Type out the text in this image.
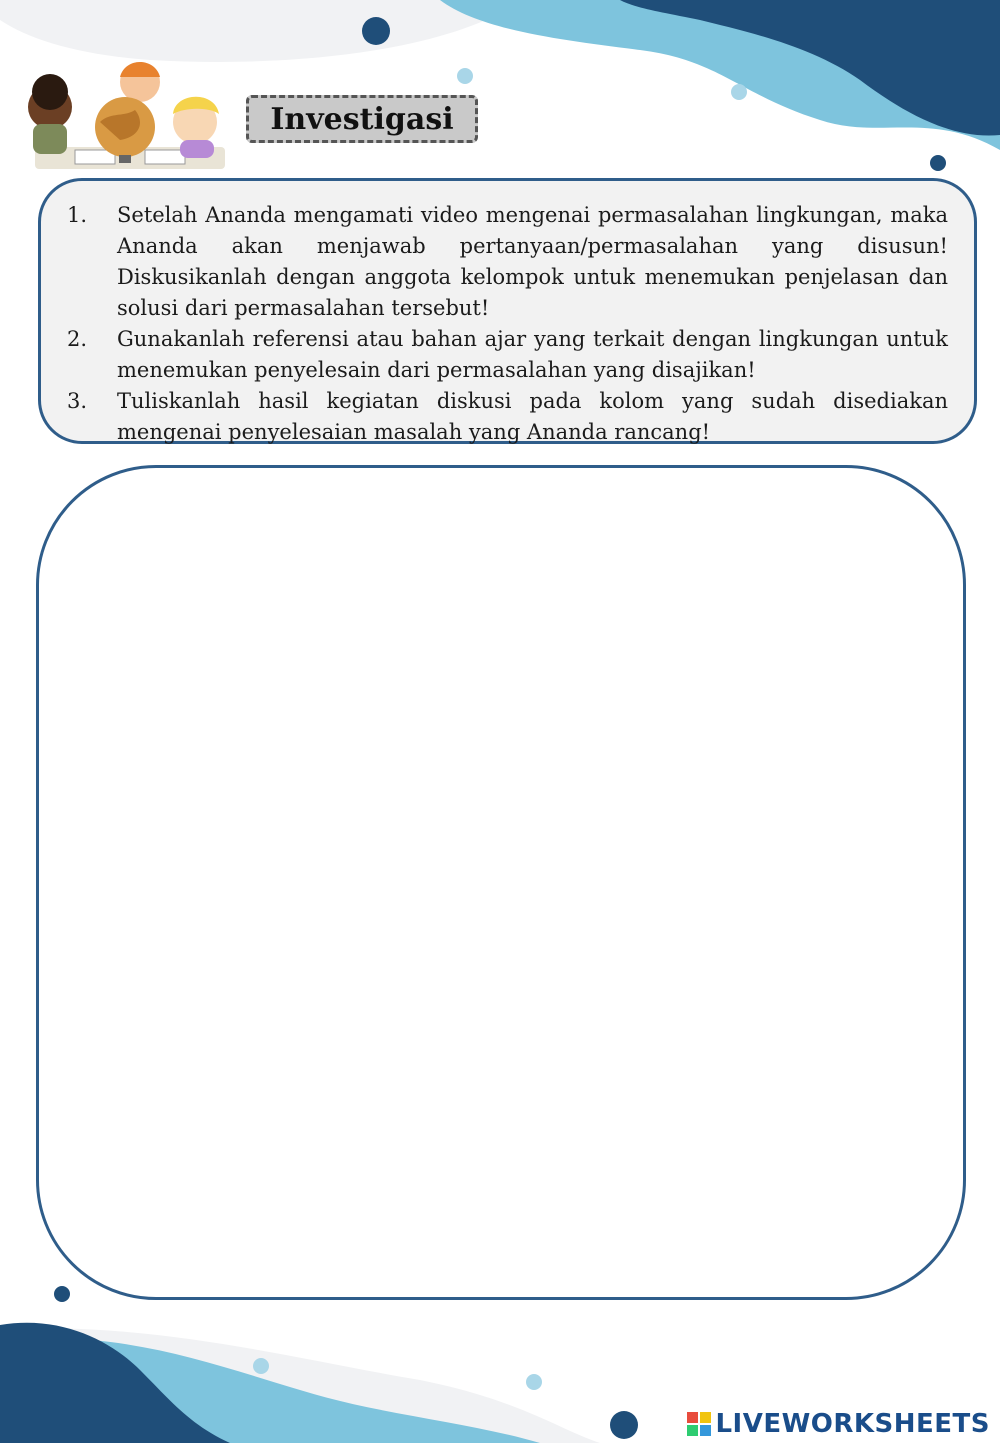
Investigasi
1. Setelah Ananda mengamati video mengenai permasalahan lingkungan, maka Ananda akan menjawab pertanyaan/permasalahan yang disusun! Diskusikanlah dengan anggota kelompok untuk menemukan penjelasan dan solusi dari permasalahan tersebut!
2. Gunakanlah referensi atau bahan ajar yang terkait dengan lingkungan untuk menemukan penyelesain dari permasalahan yang disajikan!
3. Tuliskanlah hasil kegiatan diskusi pada kolom yang sudah disediakan mengenai penyelesaian masalah yang Ananda rancang!
LIVEWORKSHEETS
